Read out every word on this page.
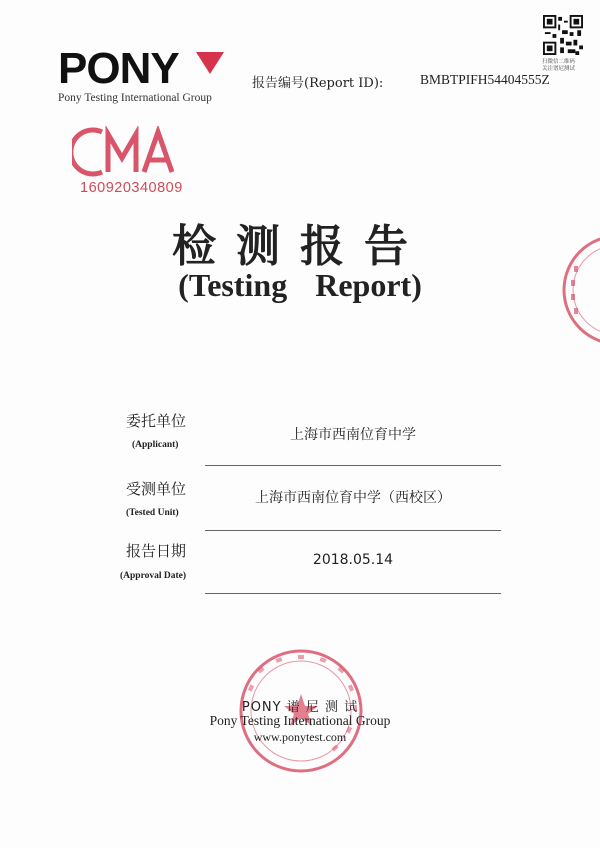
PONY
Pony Testing International Group
报告编号(Report ID):	BMBTPIFH54404555Z
扫微信二维码
关注谱尼测试
160920340809
检测报告
(Testing Report)
委托单位
(Applicant)
上海市西南位育中学
受测单位
(Tested Unit)
上海市西南位育中学（西校区）
报告日期
(Approval Date)
2018.05.14
PONY 谱 尼 测 试
Pony Testing International Group
www.ponytest.com
